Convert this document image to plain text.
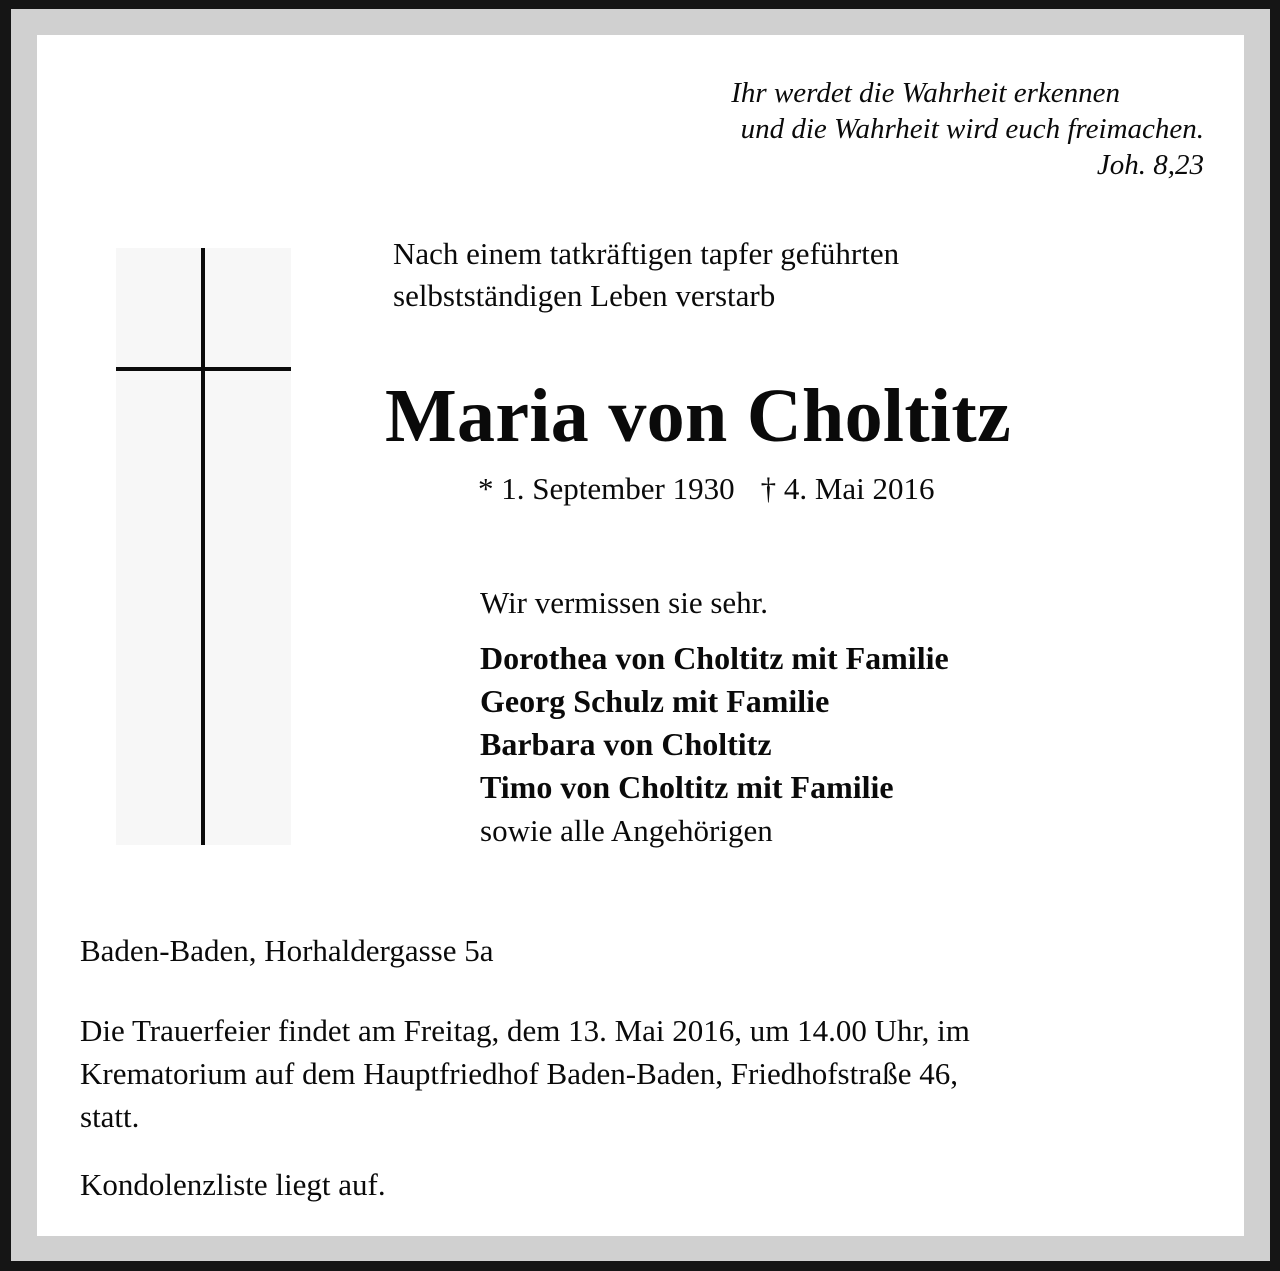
Ihr werdet die Wahrheit erkennen
und die Wahrheit wird euch freimachen.
Joh. 8,23
Nach einem tatkräftigen tapfer geführten
selbstständigen Leben verstarb
Maria von Choltitz
* 1. September 1930 † 4. Mai 2016
Wir vermissen sie sehr.
Dorothea von Choltitz mit Familie
Georg Schulz mit Familie
Barbara von Choltitz
Timo von Choltitz mit Familie
sowie alle Angehörigen
Baden-Baden, Horhaldergasse 5a
Die Trauerfeier findet am Freitag, dem 13. Mai 2016, um 14.00 Uhr, im
Krematorium auf dem Hauptfriedhof Baden-Baden, Friedhofstraße 46,
statt.
Kondolenzliste liegt auf.
